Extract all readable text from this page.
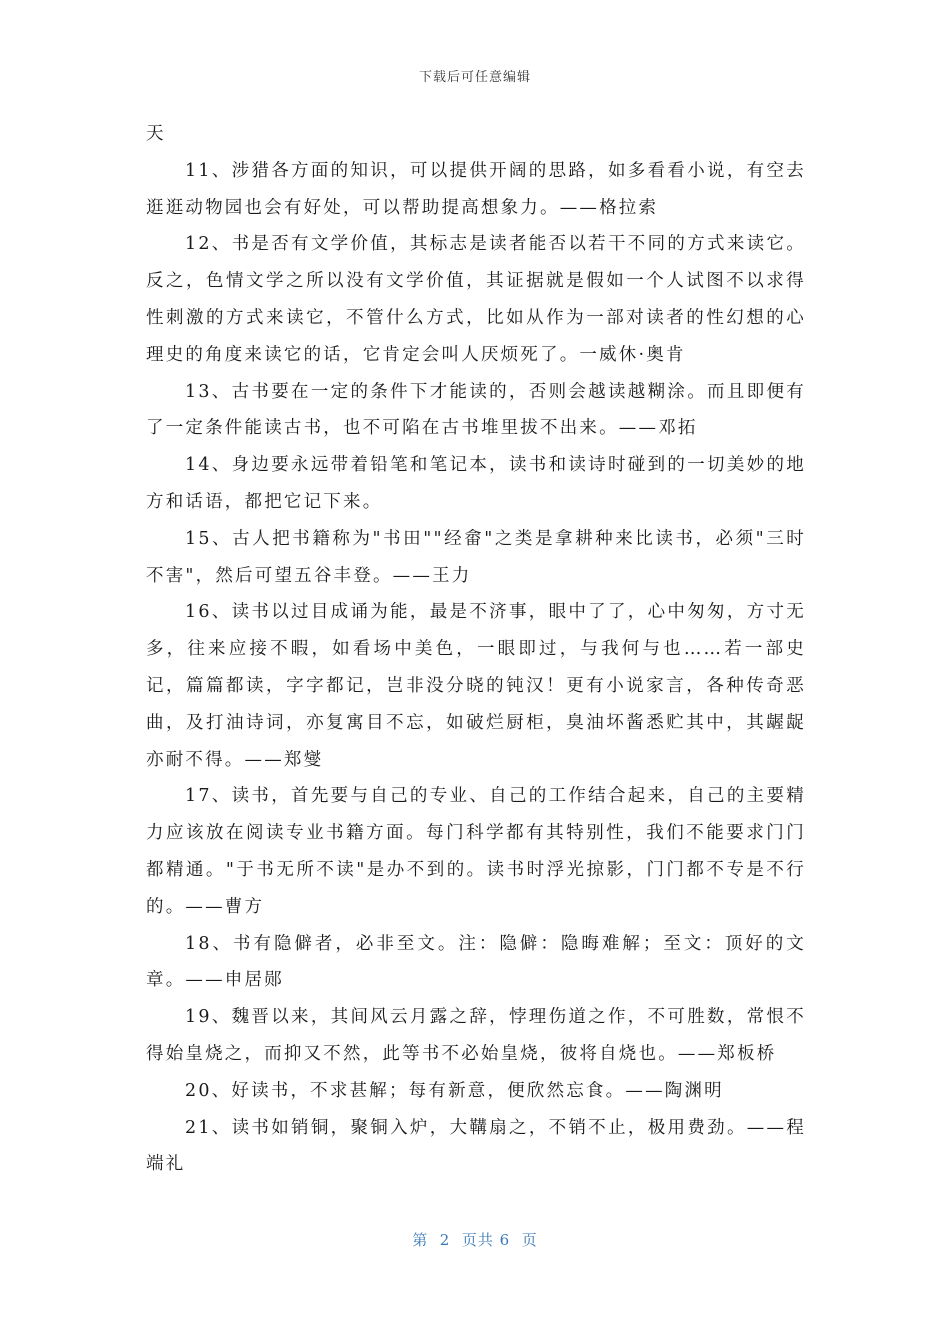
下载后可任意编辑

天

11、涉猎各方面的知识，可以提供开阔的思路，如多看看小说，有空去逛逛动物园也会有好处，可以帮助提高想象力。——格拉索

12、书是否有文学价值，其标志是读者能否以若干不同的方式来读它。反之，色情文学之所以没有文学价值，其证据就是假如一个人试图不以求得性刺激的方式来读它，不管什么方式，比如从作为一部对读者的性幻想的心理史的角度来读它的话，它肯定会叫人厌烦死了。一威休·奥肯

13、古书要在一定的条件下才能读的，否则会越读越糊涂。而且即便有了一定条件能读古书，也不可陷在古书堆里拔不出来。——邓拓

14、身边要永远带着铅笔和笔记本，读书和读诗时碰到的一切美妙的地方和话语，都把它记下来。

15、古人把书籍称为"书田""经畲"之类是拿耕种来比读书，必须"三时不害"，然后可望五谷丰登。——王力

16、读书以过目成诵为能，最是不济事，眼中了了，心中匆匆，方寸无多，往来应接不暇，如看场中美色，一眼即过，与我何与也……若一部史记，篇篇都读，字字都记，岂非没分晓的钝汉！更有小说家言，各种传奇恶曲，及打油诗词，亦复寓目不忘，如破烂厨柜，臭油坏酱悉贮其中，其龌龊亦耐不得。——郑燮

17、读书，首先要与自己的专业、自己的工作结合起来，自己的主要精力应该放在阅读专业书籍方面。每门科学都有其特别性，我们不能要求门门都精通。"于书无所不读"是办不到的。读书时浮光掠影，门门都不专是不行的。——曹方

18、书有隐僻者，必非至文。注：隐僻：隐晦难解；至文：顶好的文章。——申居郧

19、魏晋以来，其间风云月露之辞，悖理伤道之作，不可胜数，常恨不得始皇烧之，而抑又不然，此等书不必始皇烧，彼将自烧也。——郑板桥

20、好读书，不求甚解；每有新意，便欣然忘食。——陶渊明

21、读书如销铜，聚铜入炉，大鞲扇之，不销不止，极用费劲。——程端礼

第  2  页共 6  页
